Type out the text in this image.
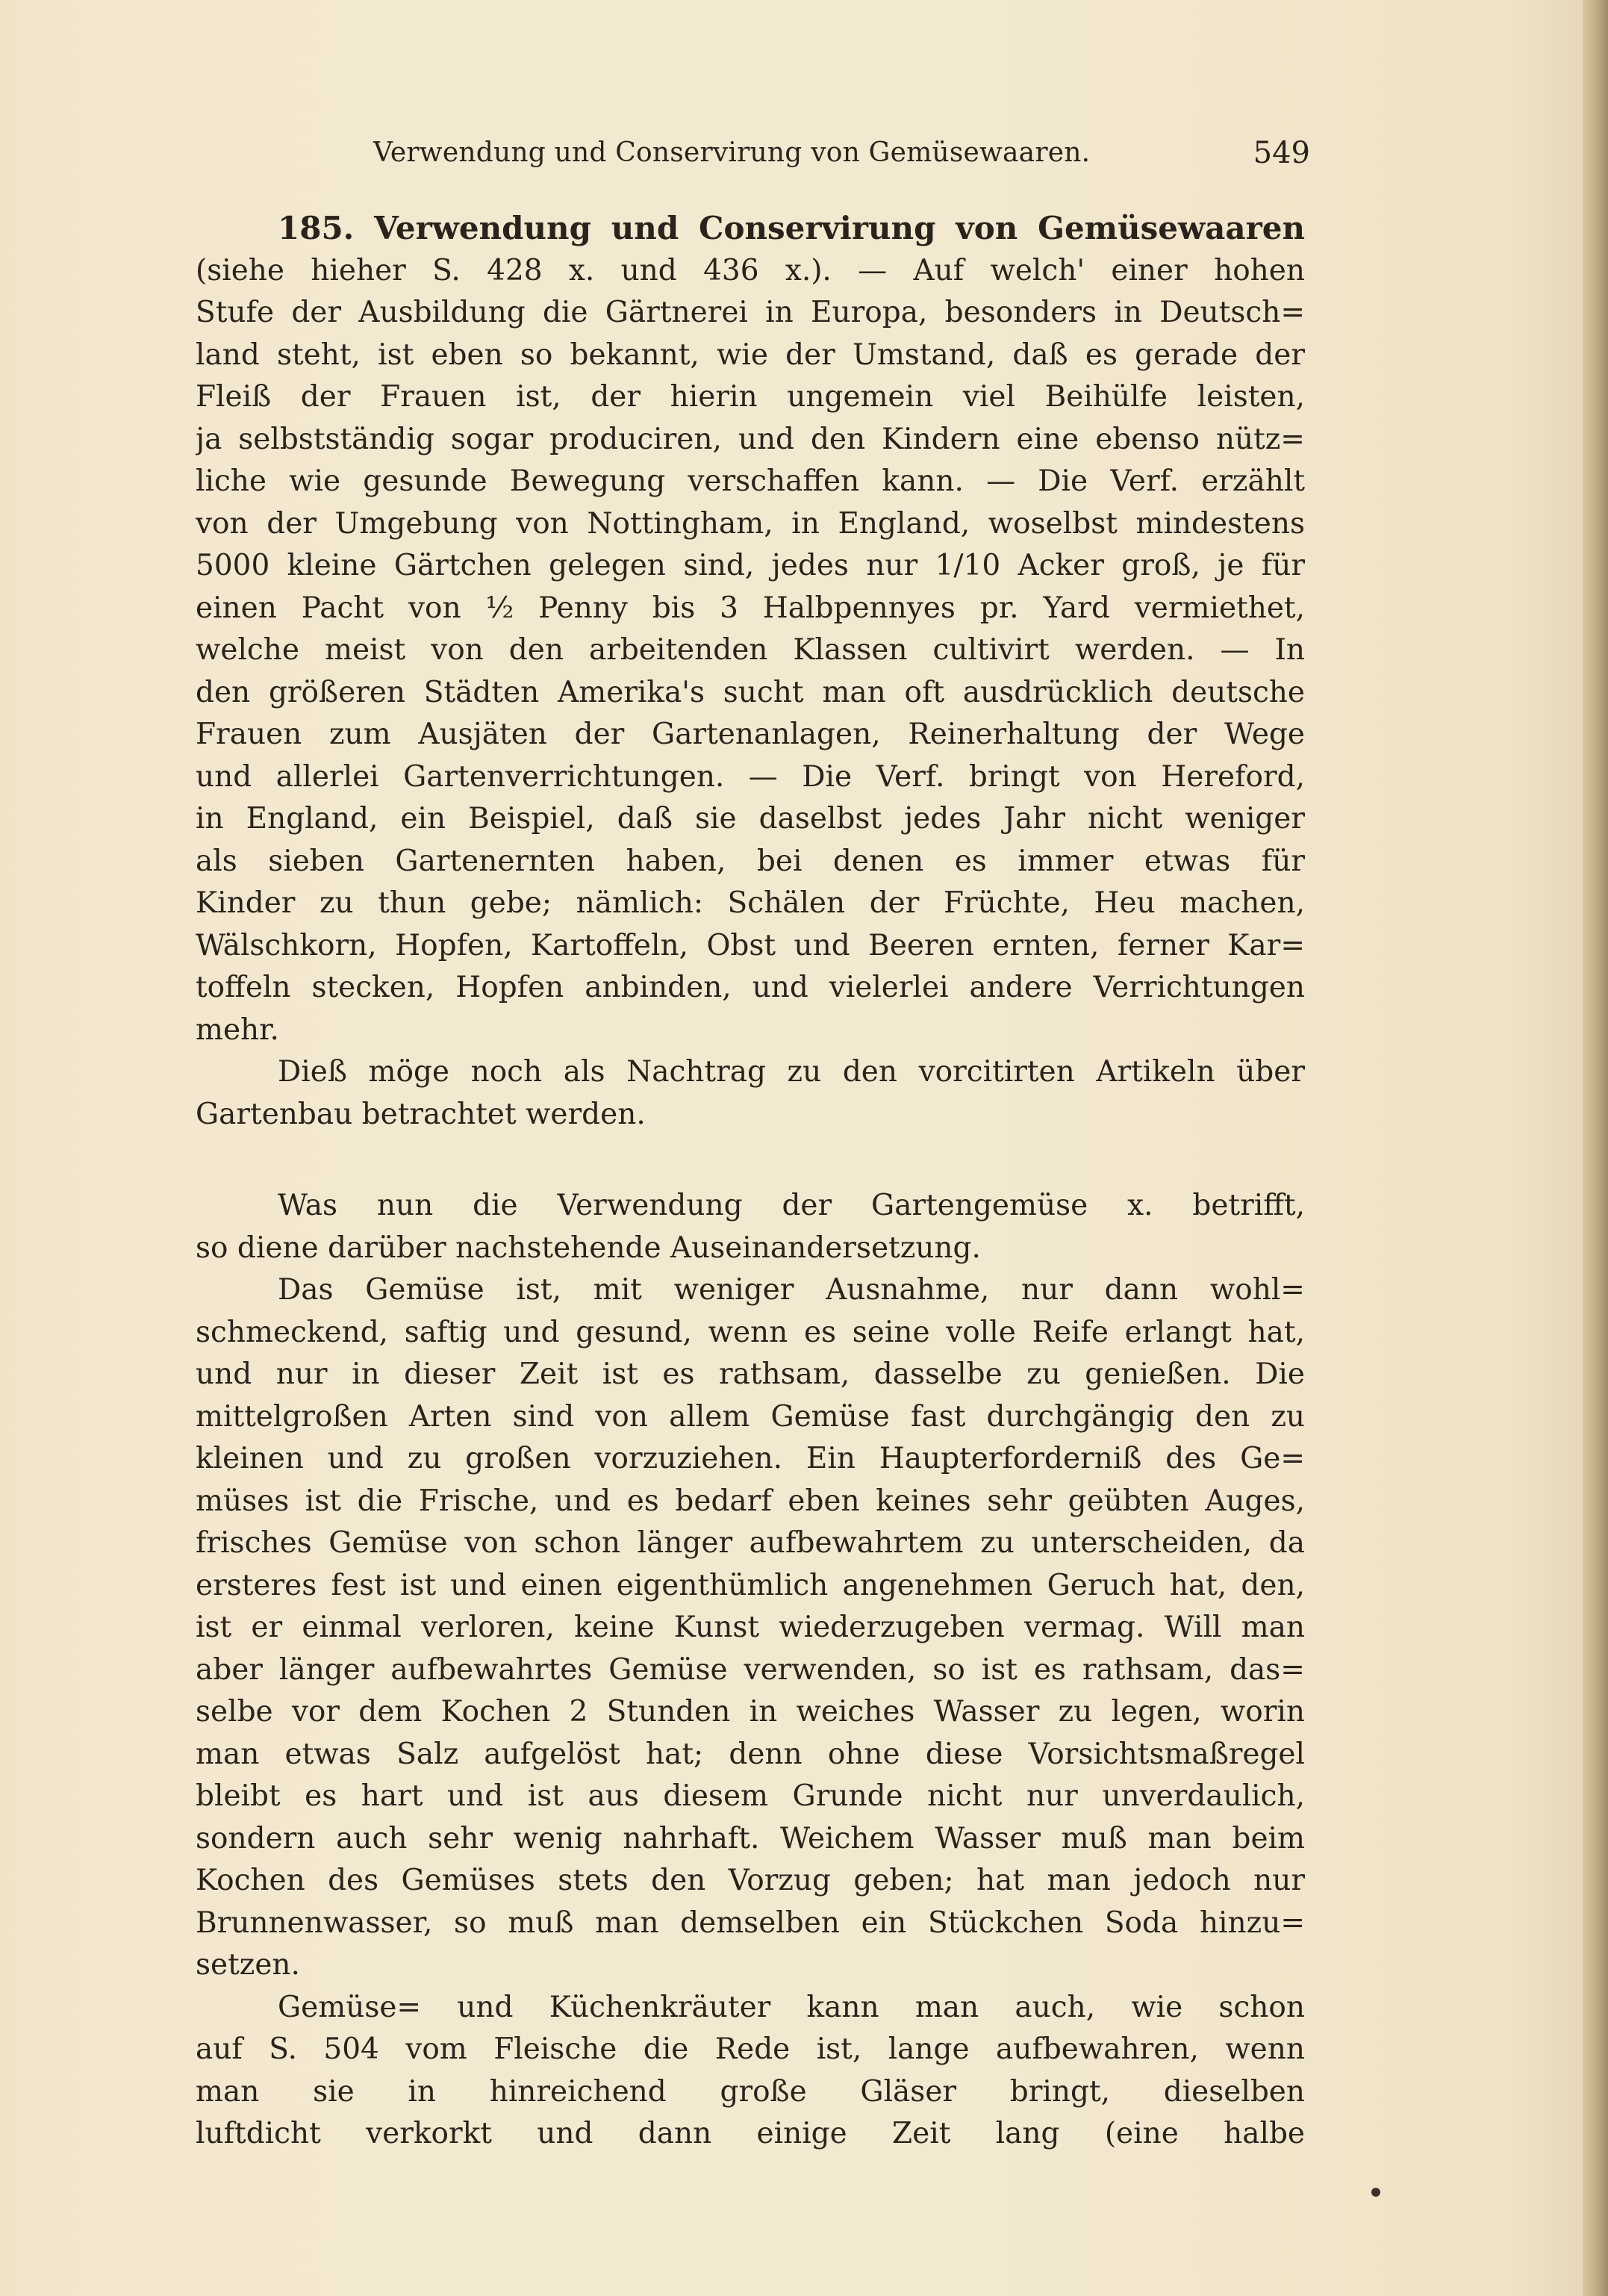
Verwendung und Conservirung von Gemüsewaaren.	549
185. Verwendung und Conservirung von Gemüsewaaren
(siehe hieher S. 428 x. und 436 x.). — Auf welch' einer hohen
Stufe der Ausbildung die Gärtnerei in Europa, besonders in Deutsch=
land steht, ist eben so bekannt, wie der Umstand, daß es gerade der
Fleiß der Frauen ist, der hierin ungemein viel Beihülfe leisten,
ja selbstständig sogar produciren, und den Kindern eine ebenso nütz=
liche wie gesunde Bewegung verschaffen kann. — Die Verf. erzählt
von der Umgebung von Nottingham, in England, woselbst mindestens
5000 kleine Gärtchen gelegen sind, jedes nur 1/10 Acker groß, je für
einen Pacht von ½ Penny bis 3 Halbpennyes pr. Yard vermiethet,
welche meist von den arbeitenden Klassen cultivirt werden. — In
den größeren Städten Amerika's sucht man oft ausdrücklich deutsche
Frauen zum Ausjäten der Gartenanlagen, Reinerhaltung der Wege
und allerlei Gartenverrichtungen. — Die Verf. bringt von Hereford,
in England, ein Beispiel, daß sie daselbst jedes Jahr nicht weniger
als sieben Gartenernten haben, bei denen es immer etwas für
Kinder zu thun gebe; nämlich: Schälen der Früchte, Heu machen,
Wälschkorn, Hopfen, Kartoffeln, Obst und Beeren ernten, ferner Kar=
toffeln stecken, Hopfen anbinden, und vielerlei andere Verrichtungen
mehr.
Dieß möge noch als Nachtrag zu den vorcitirten Artikeln über
Gartenbau betrachtet werden.
Was nun die Verwendung der Gartengemüse x. betrifft,
so diene darüber nachstehende Auseinandersetzung.
Das Gemüse ist, mit weniger Ausnahme, nur dann wohl=
schmeckend, saftig und gesund, wenn es seine volle Reife erlangt hat,
und nur in dieser Zeit ist es rathsam, dasselbe zu genießen. Die
mittelgroßen Arten sind von allem Gemüse fast durchgängig den zu
kleinen und zu großen vorzuziehen. Ein Haupterforderniß des Ge=
müses ist die Frische, und es bedarf eben keines sehr geübten Auges,
frisches Gemüse von schon länger aufbewahrtem zu unterscheiden, da
ersteres fest ist und einen eigenthümlich angenehmen Geruch hat, den,
ist er einmal verloren, keine Kunst wiederzugeben vermag. Will man
aber länger aufbewahrtes Gemüse verwenden, so ist es rathsam, das=
selbe vor dem Kochen 2 Stunden in weiches Wasser zu legen, worin
man etwas Salz aufgelöst hat; denn ohne diese Vorsichtsmaßregel
bleibt es hart und ist aus diesem Grunde nicht nur unverdaulich,
sondern auch sehr wenig nahrhaft. Weichem Wasser muß man beim
Kochen des Gemüses stets den Vorzug geben; hat man jedoch nur
Brunnenwasser, so muß man demselben ein Stückchen Soda hinzu=
setzen.
Gemüse= und Küchenkräuter kann man auch, wie schon
auf S. 504 vom Fleische die Rede ist, lange aufbewahren, wenn
man sie in hinreichend große Gläser bringt, dieselben
luftdicht verkorkt und dann einige Zeit lang (eine halbe
